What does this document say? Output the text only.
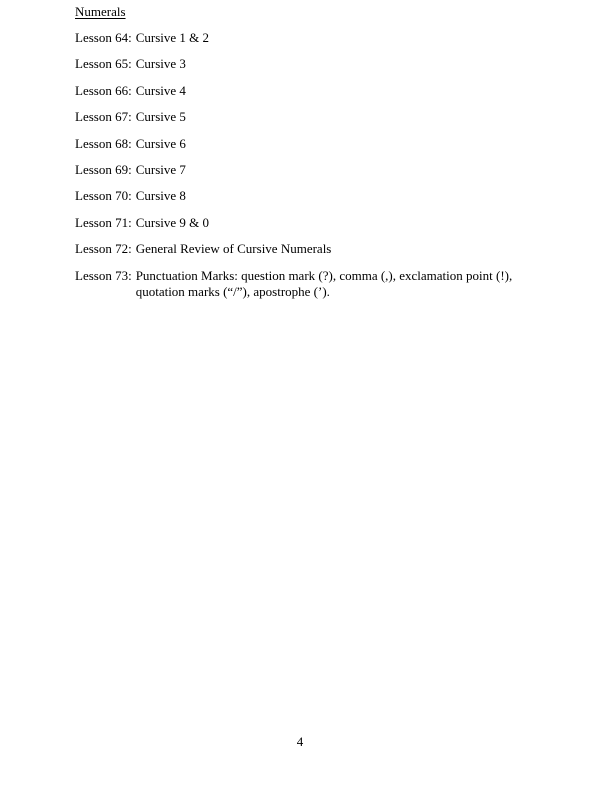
Numerals
Lesson 64: Cursive 1 & 2
Lesson 65: Cursive 3
Lesson 66: Cursive 4
Lesson 67: Cursive 5
Lesson 68: Cursive 6
Lesson 69: Cursive 7
Lesson 70: Cursive 8
Lesson 71: Cursive 9 & 0
Lesson 72: General Review of Cursive Numerals
Lesson 73: Punctuation Marks: question mark (?), comma (,), exclamation point (!),
quotation marks (“/”), apostrophe (’).
4
